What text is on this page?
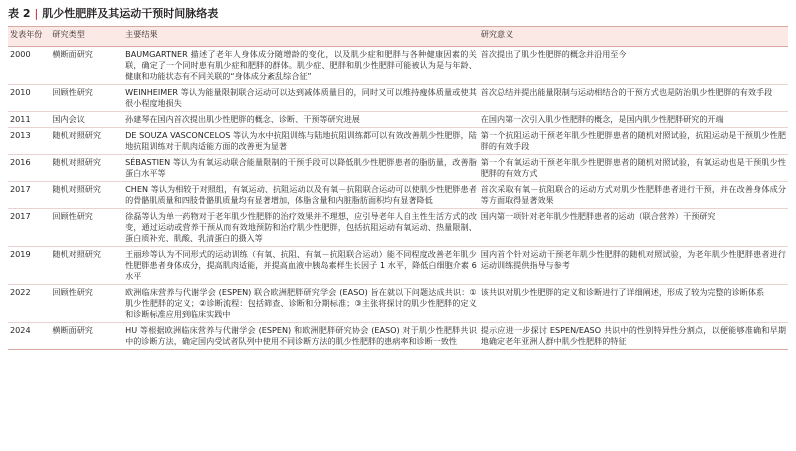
表 2 | 肌少性肥胖及其运动干预时间脉络表
发表年份	研究类型	主要结果	研究意义
2000	横断面研究	BAUMGARTNER 描述了老年人身体成分随增龄的变化，以及肌少症和肥胖与各种健康因素的关联，确定了一个同时患有肌少症和肥胖的群体。肌少症、肥胖和肌少性肥胖可能被认为是与年龄、健康和功能状态有不同关联的“身体成分紊乱综合征”	首次提出了肌少性肥胖的概念并沿用至今
2010	回顾性研究	WEINHEIMER 等认为能量限制联合运动可以达到减体质量目的，同时又可以维持瘦体质量或使其很小程度地损失	首次总结并提出能量限制与运动相结合的干预方式也是防治肌少性肥胖的有效手段
2011	国内会议	孙建琴在国内首次提出肌少性肥胖的概念、诊断、干预等研究进展	在国内第一次引入肌少性肥胖的概念，是国内肌少性肥胖研究的开端
2013	随机对照研究	DE SOUZA VASCONCELOS 等认为水中抗阻训练与陆地抗阻训练都可以有效改善肌少性肥胖，陆地抗阻训练对于肌肉适能方面的改善更为显著	第一个抗阻运动干预老年肌少性肥胖患者的随机对照试验，抗阻运动是干预肌少性肥胖的有效手段
2016	随机对照研究	SÉBASTIEN 等认为有氧运动联合能量限制的干预手段可以降低肌少性肥胖患者的脂肪量，改善脂蛋白水平等	第一个有氧运动干预老年肌少性肥胖患者的随机对照试验，有氧运动也是干预肌少性肥胖的有效方式
2017	随机对照研究	CHEN 等认为相较于对照组，有氧运动、抗阻运动以及有氧－抗阻联合运动可以使肌少性肥胖患者的骨骼肌质量和四肢骨骼肌质量均有显著增加，体脂含量和内脏脂肪面积均有显著降低	首次采取有氧－抗阻联合的运动方式对肌少性肥胖患者进行干预，并在改善身体成分等方面取得显著效果
2017	回顾性研究	徐磊等认为单一药物对于老年肌少性肥胖的治疗效果并不理想，应引导老年人自主性生活方式的改变，通过运动或营养干预从而有效地预防和治疗肌少性肥胖，包括抗阻运动有氧运动、热量限制、蛋白质补充、肌酸、乳清蛋白的摄入等	国内第一项针对老年肌少性肥胖患者的运动（联合营养）干预研究
2019	随机对照研究	王丽珍等认为不同形式的运动训练（有氧、抗阻、有氧－抗阻联合运动）能不同程度改善老年肌少性肥胖患者身体成分，提高肌肉适能，并提高血液中胰岛素样生长因子 1 水平，降低白细胞介素 6 水平	国内首个针对运动干预老年肌少性肥胖的随机对照试验，为老年肌少性肥胖患者进行运动训练提供指导与参考
2022	回顾性研究	欧洲临床营养与代谢学会 (ESPEN) 联合欧洲肥胖研究学会 (EASO) 旨在就以下问题达成共识：①肌少性肥胖的定义；②诊断流程：包括筛查、诊断和分期标准；③主张将探讨的肌少性肥胖的定义和诊断标准应用到临床实践中	该共识对肌少性肥胖的定义和诊断进行了详细阐述，形成了较为完整的诊断体系
2024	横断面研究	HU 等根据欧洲临床营养与代谢学会 (ESPEN) 和欧洲肥胖研究协会 (EASO) 对于肌少性肥胖共识中的诊断方法，确定国内受试者队列中使用不同诊断方法的肌少性肥胖的患病率和诊断一致性	提示应进一步探讨 ESPEN/EASO 共识中的性别特异性分割点，以便能够准确和早期地确定老年亚洲人群中肌少性肥胖的特征
